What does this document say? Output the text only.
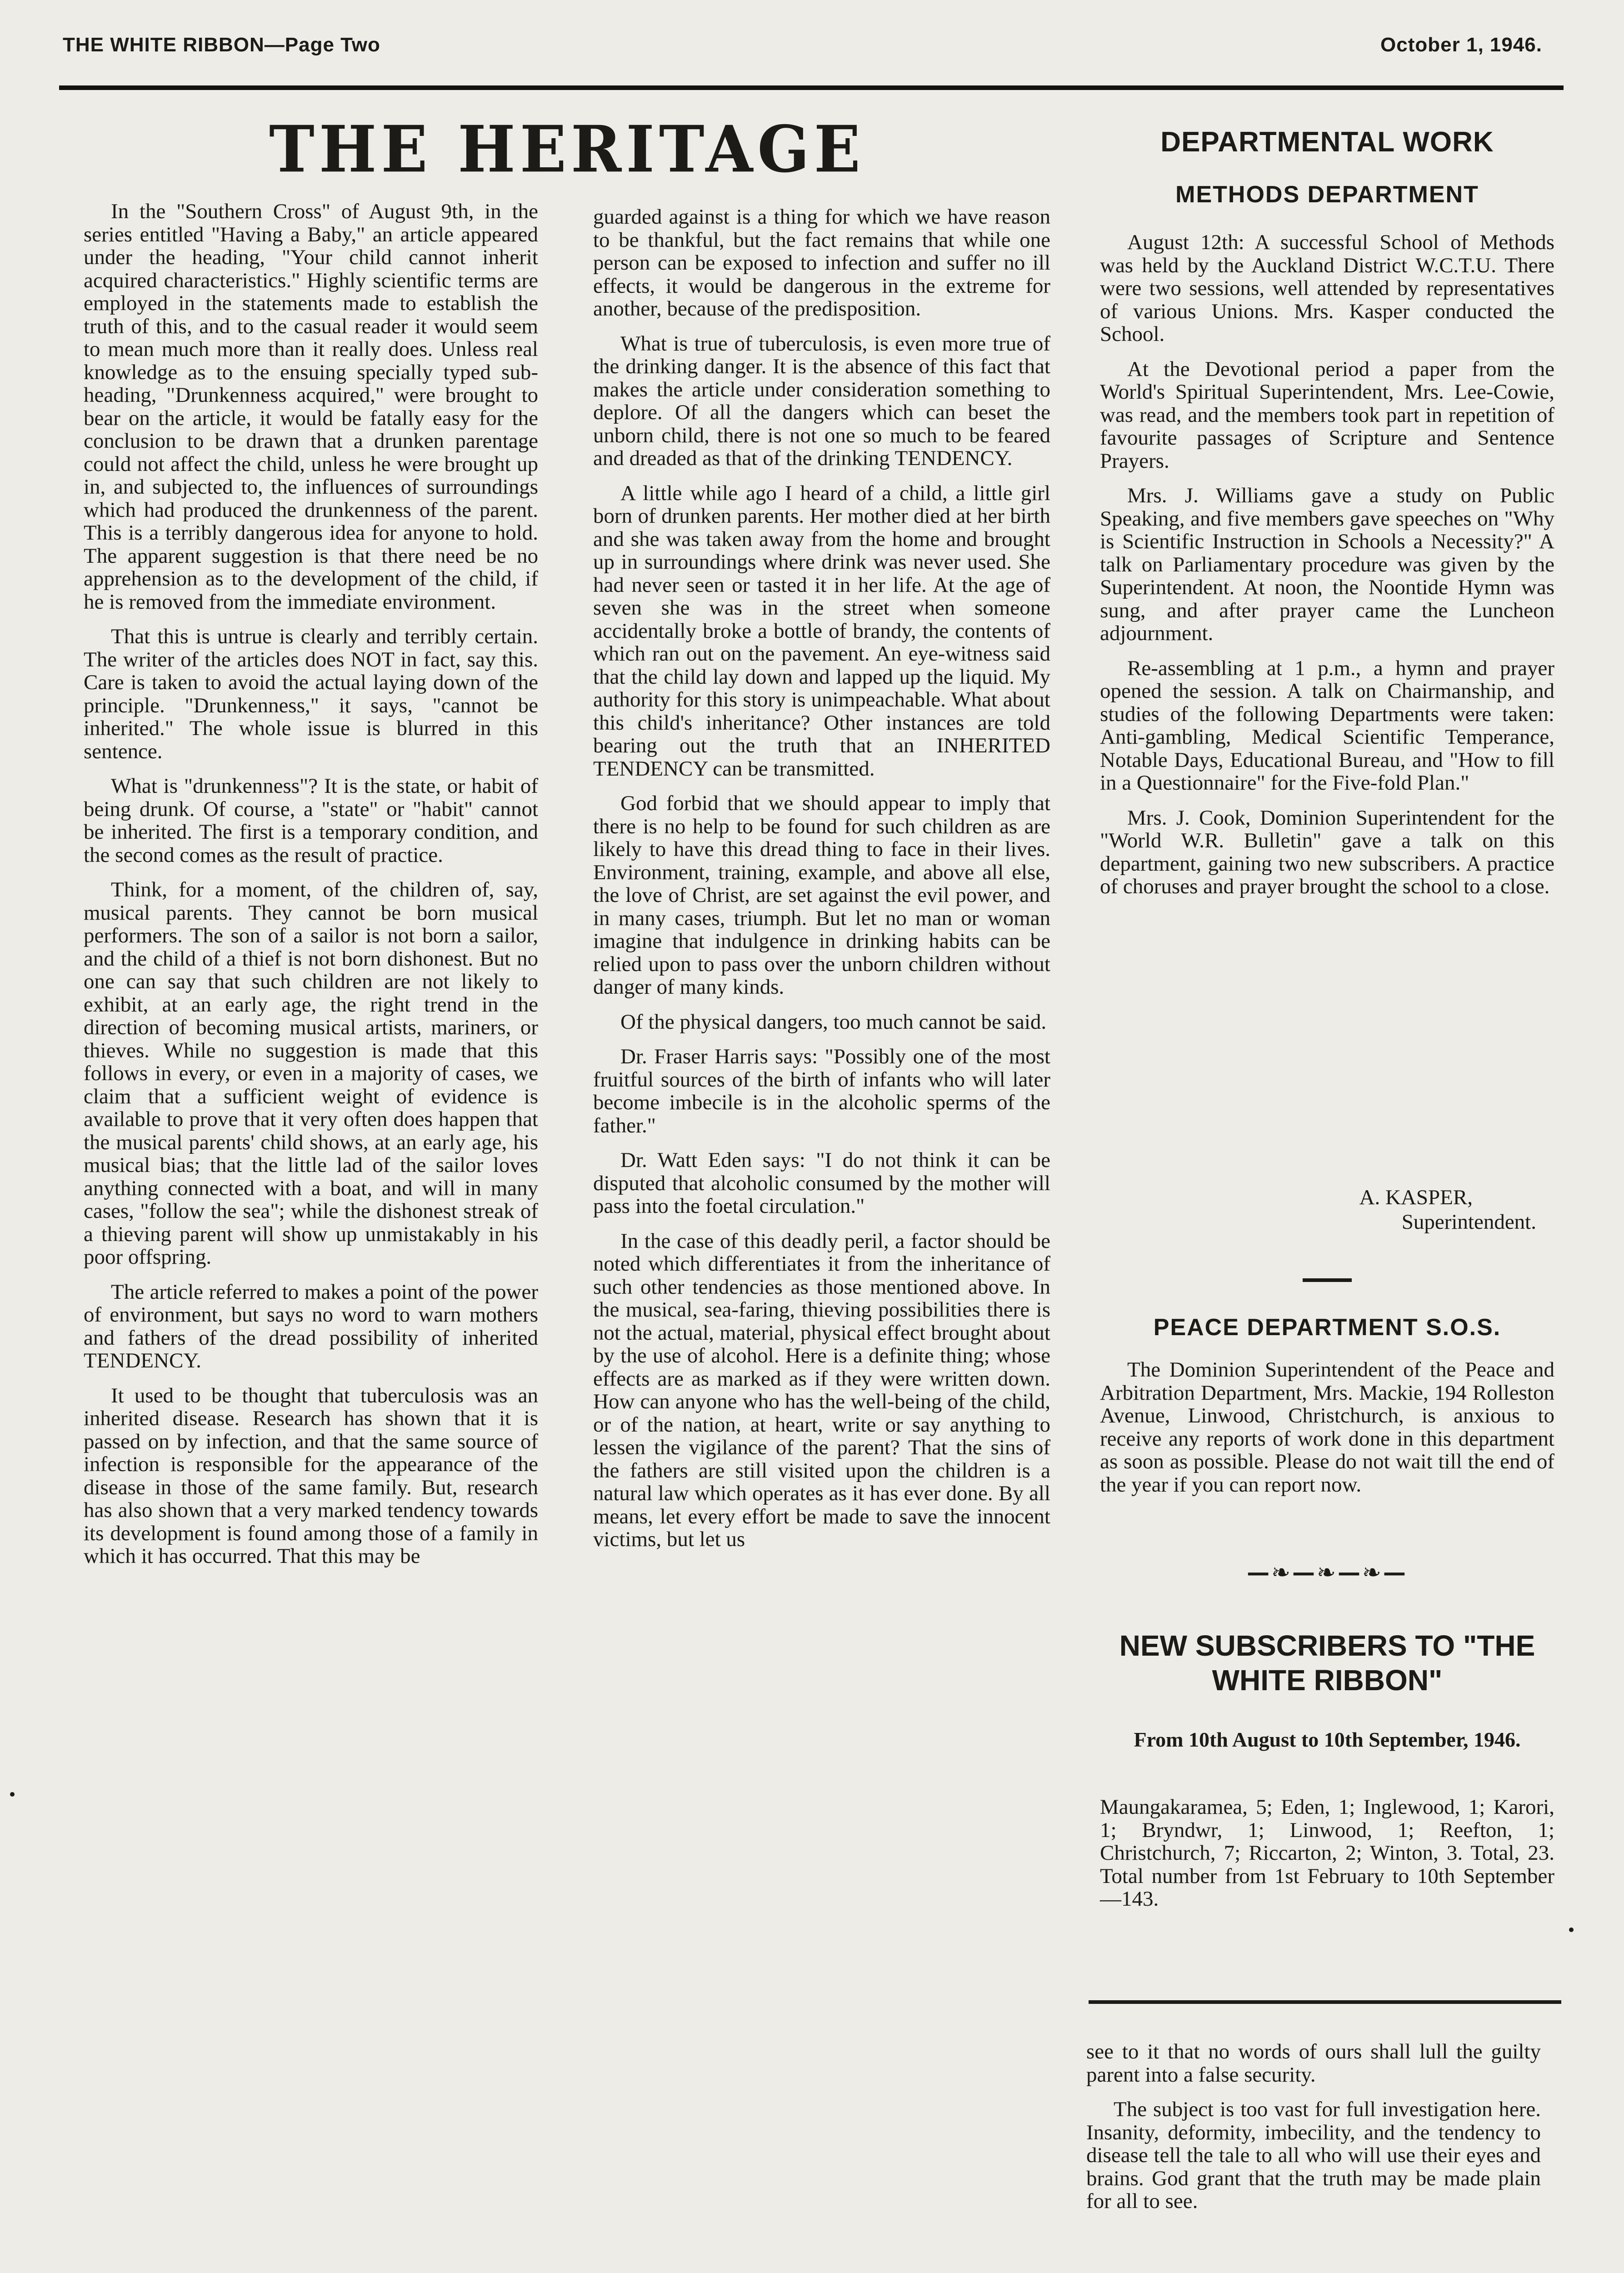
THE WHITE RIBBON—Page Two	October 1, 1946.
THE HERITAGE

In the "Southern Cross" of August 9th, in the series entitled "Having a Baby," an article appeared under the heading, "Your child cannot inherit acquired characteristics." Highly scientific terms are employed in the statements made to establish the truth of this, and to the casual reader it would seem to mean much more than it really does. Unless real knowledge as to the ensuing specially typed sub-heading, "Drunkenness acquired," were brought to bear on the article, it would be fatally easy for the conclusion to be drawn that a drunken parentage could not affect the child, unless he were brought up in, and subjected to, the influences of surroundings which had produced the drunkenness of the parent. This is a terribly dangerous idea for anyone to hold. The apparent suggestion is that there need be no apprehension as to the development of the child, if he is removed from the immediate environment.

That this is untrue is clearly and terribly certain. The writer of the articles does NOT in fact, say this. Care is taken to avoid the actual laying down of the principle. "Drunkenness," it says, "cannot be inherited." The whole issue is blurred in this sentence.

What is "drunkenness"? It is the state, or habit of being drunk. Of course, a "state" or "habit" cannot be inherited. The first is a temporary condition, and the second comes as the result of practice.

Think, for a moment, of the children of, say, musical parents. They cannot be born musical performers. The son of a sailor is not born a sailor, and the child of a thief is not born dishonest. But no one can say that such children are not likely to exhibit, at an early age, the right trend in the direction of becoming musical artists, mariners, or thieves. While no suggestion is made that this follows in every, or even in a majority of cases, we claim that a sufficient weight of evidence is available to prove that it very often does happen that the musical parents' child shows, at an early age, his musical bias; that the little lad of the sailor loves anything connected with a boat, and will in many cases, "follow the sea"; while the dishonest streak of a thieving parent will show up unmistakably in his poor offspring.

The article referred to makes a point of the power of environment, but says no word to warn mothers and fathers of the dread possibility of inherited TENDENCY.

It used to be thought that tuberculosis was an inherited disease. Research has shown that it is passed on by infection, and that the same source of infection is responsible for the appearance of the disease in those of the same family. But, research has also shown that a very marked tendency towards its development is found among those of a family in which it has occurred. That this may be

guarded against is a thing for which we have reason to be thankful, but the fact remains that while one person can be exposed to infection and suffer no ill effects, it would be dangerous in the extreme for another, because of the predisposition.

What is true of tuberculosis, is even more true of the drinking danger. It is the absence of this fact that makes the article under consideration something to deplore. Of all the dangers which can beset the unborn child, there is not one so much to be feared and dreaded as that of the drinking TENDENCY.

A little while ago I heard of a child, a little girl born of drunken parents. Her mother died at her birth and she was taken away from the home and brought up in surroundings where drink was never used. She had never seen or tasted it in her life. At the age of seven she was in the street when someone accidentally broke a bottle of brandy, the contents of which ran out on the pavement. An eye-witness said that the child lay down and lapped up the liquid. My authority for this story is unimpeachable. What about this child's inheritance? Other instances are told bearing out the truth that an INHERITED TENDENCY can be transmitted.

God forbid that we should appear to imply that there is no help to be found for such children as are likely to have this dread thing to face in their lives. Environment, training, example, and above all else, the love of Christ, are set against the evil power, and in many cases, triumph. But let no man or woman imagine that indulgence in drinking habits can be relied upon to pass over the unborn children without danger of many kinds.

Of the physical dangers, too much cannot be said.

Dr. Fraser Harris says: "Possibly one of the most fruitful sources of the birth of infants who will later become imbecile is in the alcoholic sperms of the father."

Dr. Watt Eden says: "I do not think it can be disputed that alcoholic consumed by the mother will pass into the foetal circulation."

In the case of this deadly peril, a factor should be noted which differentiates it from the inheritance of such other tendencies as those mentioned above. In the musical, sea-faring, thieving possibilities there is not the actual, material, physical effect brought about by the use of alcohol. Here is a definite thing; whose effects are as marked as if they were written down. How can anyone who has the well-being of the child, or of the nation, at heart, write or say anything to lessen the vigilance of the parent? That the sins of the fathers are still visited upon the children is a natural law which operates as it has ever done. By all means, let every effort be made to save the innocent victims, but let us

DEPARTMENTAL WORK
METHODS DEPARTMENT

August 12th: A successful School of Methods was held by the Auckland District W.C.T.U. There were two sessions, well attended by representatives of various Unions. Mrs. Kasper conducted the School.

At the Devotional period a paper from the World's Spiritual Superintendent, Mrs. Lee-Cowie, was read, and the members took part in repetition of favourite passages of Scripture and Sentence Prayers.

Mrs. J. Williams gave a study on Public Speaking, and five members gave speeches on "Why is Scientific Instruction in Schools a Necessity?" A talk on Parliamentary procedure was given by the Superintendent. At noon, the Noontide Hymn was sung, and after prayer came the Luncheon adjournment.

Re-assembling at 1 p.m., a hymn and prayer opened the session. A talk on Chairmanship, and studies of the following Departments were taken: Anti-gambling, Medical Scientific Temperance, Notable Days, Educational Bureau, and "How to fill in a Questionnaire" for the Five-fold Plan."

Mrs. J. Cook, Dominion Superintendent for the "World W.R. Bulletin" gave a talk on this department, gaining two new subscribers. A practice of choruses and prayer brought the school to a close.

A. KASPER,
Superintendent.
PEACE DEPARTMENT S.O.S.

The Dominion Superintendent of the Peace and Arbitration Department, Mrs. Mackie, 194 Rolleston Avenue, Linwood, Christchurch, is anxious to receive any reports of work done in this department as soon as possible. Please do not wait till the end of the year if you can report now.

—❧—❧—❧—
NEW SUBSCRIBERS TO "THE WHITE RIBBON"
From 10th August to 10th September, 1946.

Maungakaramea, 5; Eden, 1; Inglewood, 1; Karori, 1; Bryndwr, 1; Linwood, 1; Reefton, 1; Christchurch, 7; Riccarton, 2; Winton, 3. Total, 23. Total number from 1st February to 10th September—143.

see to it that no words of ours shall lull the guilty parent into a false security.

The subject is too vast for full investigation here. Insanity, deformity, imbecility, and the tendency to disease tell the tale to all who will use their eyes and brains. God grant that the truth may be made plain for all to see.
